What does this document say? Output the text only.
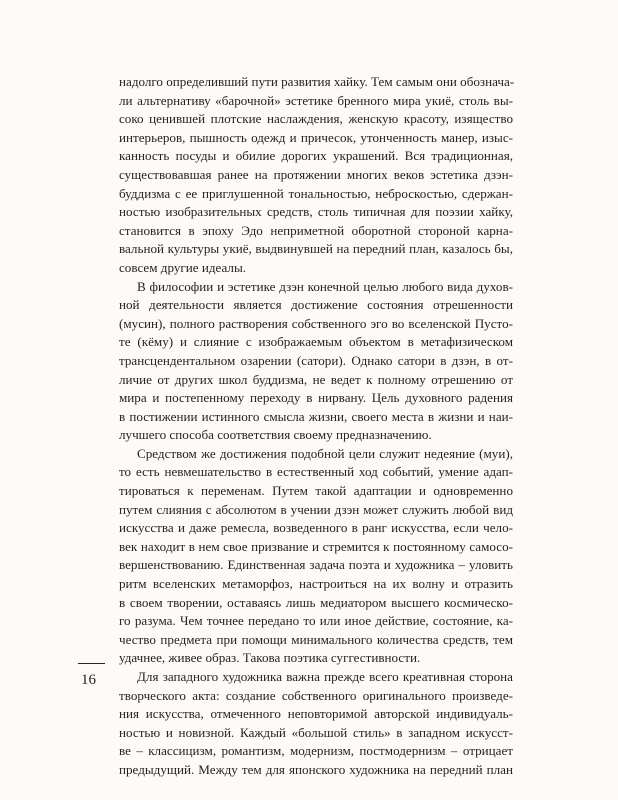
надолго определивший пути развития хайку. Тем самым они обознача-
ли альтернативу «барочной» эстетике бренного мира укиё, столь вы-
соко ценившей плотские наслаждения, женскую красоту, изящество
интерьеров, пышность одежд и причесок, утонченность манер, изыс-
канность посуды и обилие дорогих украшений. Вся традиционная,
существовавшая ранее на протяжении многих веков эстетика дзэн-
буддизма с ее приглушенной тональностью, неброскостью, сдержан-
ностью изобразительных средств, столь типичная для поэзии хайку,
становится в эпоху Эдо неприметной оборотной стороной карна-
вальной культуры укиё, выдвинувшей на передний план, казалось бы,
совсем другие идеалы.
В философии и эстетике дзэн конечной целью любого вида духов-
ной деятельности является достижение состояния отрешенности
(мусин), полного растворения собственного эго во вселенской Пусто-
те (кёму) и слияние с изображаемым объектом в метафизическом
трансцендентальном озарении (сатори). Однако сатори в дзэн, в от-
личие от других школ буддизма, не ведет к полному отрешению от
мира и постепенному переходу в нирвану. Цель духовного радения
в постижении истинного смысла жизни, своего места в жизни и наи-
лучшего способа соответствия своему предназначению.
Средством же достижения подобной цели служит недеяние (муи),
то есть невмешательство в естественный ход событий, умение адап-
тироваться к переменам. Путем такой адаптации и одновременно
путем слияния с абсолютом в учении дзэн может служить любой вид
искусства и даже ремесла, возведенного в ранг искусства, если чело-
век находит в нем свое призвание и стремится к постоянному самосо-
вершенствованию. Единственная задача поэта и художника – уловить
ритм вселенских метаморфоз, настроиться на их волну и отразить
в своем творении, оставаясь лишь медиатором высшего космическо-
го разума. Чем точнее передано то или иное действие, состояние, ка-
чество предмета при помощи минимального количества средств, тем
удачнее, живее образ. Такова поэтика суггестивности.
Для западного художника важна прежде всего креативная сторона
творческого акта: создание собственного оригинального произведе-
ния искусства, отмеченного неповторимой авторской индивидуаль-
ностью и новизной. Каждый «большой стиль» в западном искусст-
ве – классицизм, романтизм, модернизм, постмодернизм – отрицает
предыдущий. Между тем для японского художника на передний план
16
